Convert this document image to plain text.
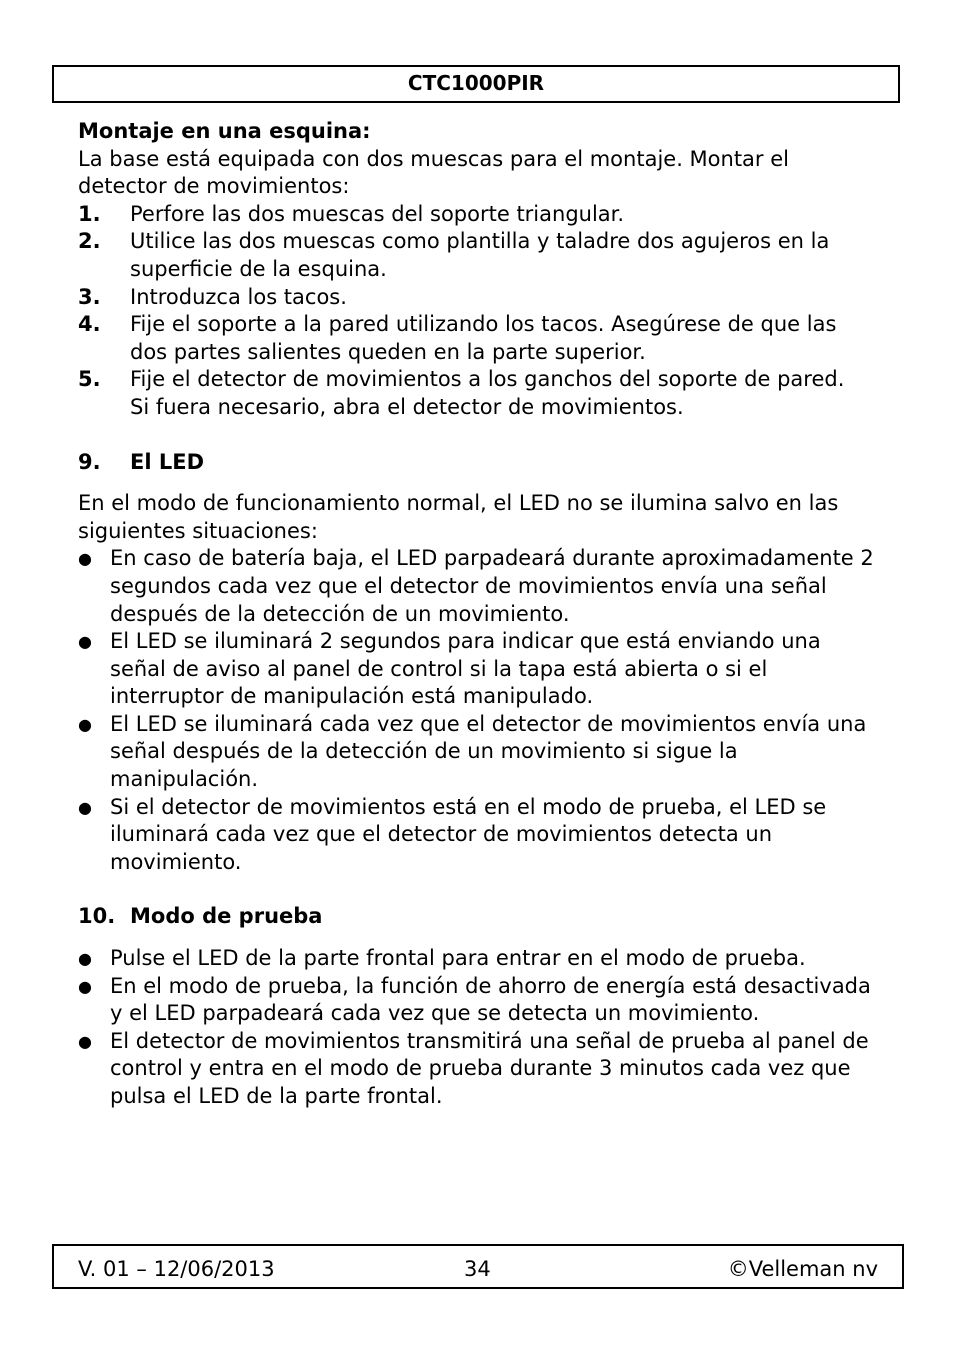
CTC1000PIR

Montaje en una esquina:

La base está equipada con dos muescas para el montaje. Montar el detector de movimientos:

1.	Perfore las dos muescas del soporte triangular.
2.	Utilice las dos muescas como plantilla y taladre dos agujeros en la superficie de la esquina.
3.	Introduzca los tacos.
4.	Fije el soporte a la pared utilizando los tacos. Asegúrese de que las dos partes salientes queden en la parte superior.
5.	Fije el detector de movimientos a los ganchos del soporte de pared.
Si fuera necesario, abra el detector de movimientos.
9.	El LED

En el modo de funcionamiento normal, el LED no se ilumina salvo en las siguientes situaciones:

● En caso de batería baja, el LED parpadeará durante aproximadamente 2 segundos cada vez que el detector de movimientos envía una señal después de la detección de un movimiento.
● El LED se iluminará 2 segundos para indicar que está enviando una señal de aviso al panel de control si la tapa está abierta o si el interruptor de manipulación está manipulado.
● El LED se iluminará cada vez que el detector de movimientos envía una señal después de la detección de un movimiento si sigue la manipulación.
● Si el detector de movimientos está en el modo de prueba, el LED se iluminará cada vez que el detector de movimientos detecta un movimiento.
10. Modo de prueba
● Pulse el LED de la parte frontal para entrar en el modo de prueba.
● En el modo de prueba, la función de ahorro de energía está desactivada y el LED parpadeará cada vez que se detecta un movimiento.
● El detector de movimientos transmitirá una señal de prueba al panel de control y entra en el modo de prueba durante 3 minutos cada vez que pulsa el LED de la parte frontal.
V. 01 – 12/06/2013	34	©Velleman nv
